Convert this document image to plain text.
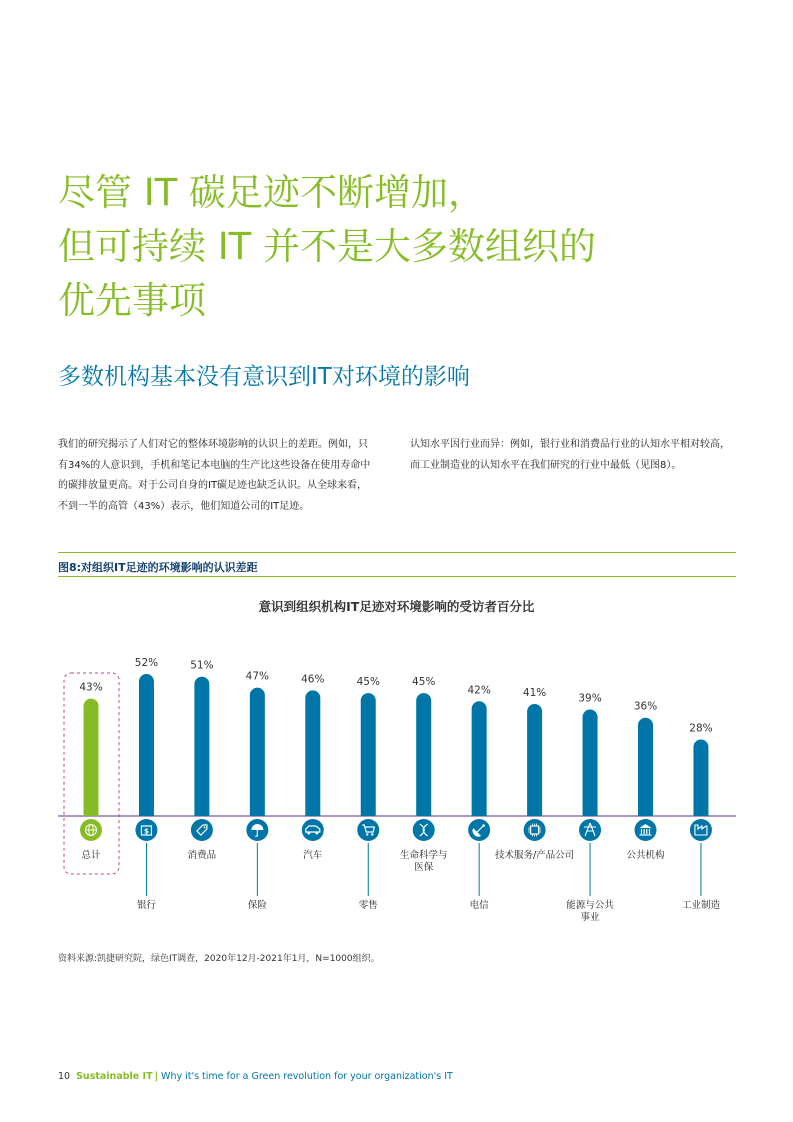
尽管 IT 碳足迹不断增加，
但可持续 IT 并不是大多数组织的
优先事项
多数机构基本没有意识到IT对环境的影响
我们的研究揭示了人们对它的整体环境影响的认识上的差距。例如，只
有34%的人意识到，手机和笔记本电脑的生产比这些设备在使用寿命中
的碳排放量更高。对于公司自身的IT碳足迹也缺乏认识。从全球来看，
不到一半的高管（43%）表示，他们知道公司的IT足迹。
认知水平因行业而异：例如，银行业和消费品行业的认知水平相对较高，
而工业制造业的认知水平在我们研究的行业中最低（见图8）。
图8:对组织IT足迹的环境影响的认识差距
意识到组织机构IT足迹对环境影响的受访者百分比
43%
总计
52%
$
银行
51%
消费品
47%
保险
46%
汽车
45%
零售
45%
生命科学与
医保
42%
电信
41%
技术服务/产品公司
39%
能源与公共
事业
36%
公共机构
28%
工业制造
资料来源:凯捷研究院，绿色IT调查，2020年12月-2021年1月，N=1000组织。
10 Sustainable IT | Why it's time for a Green revolution for your organization's IT
